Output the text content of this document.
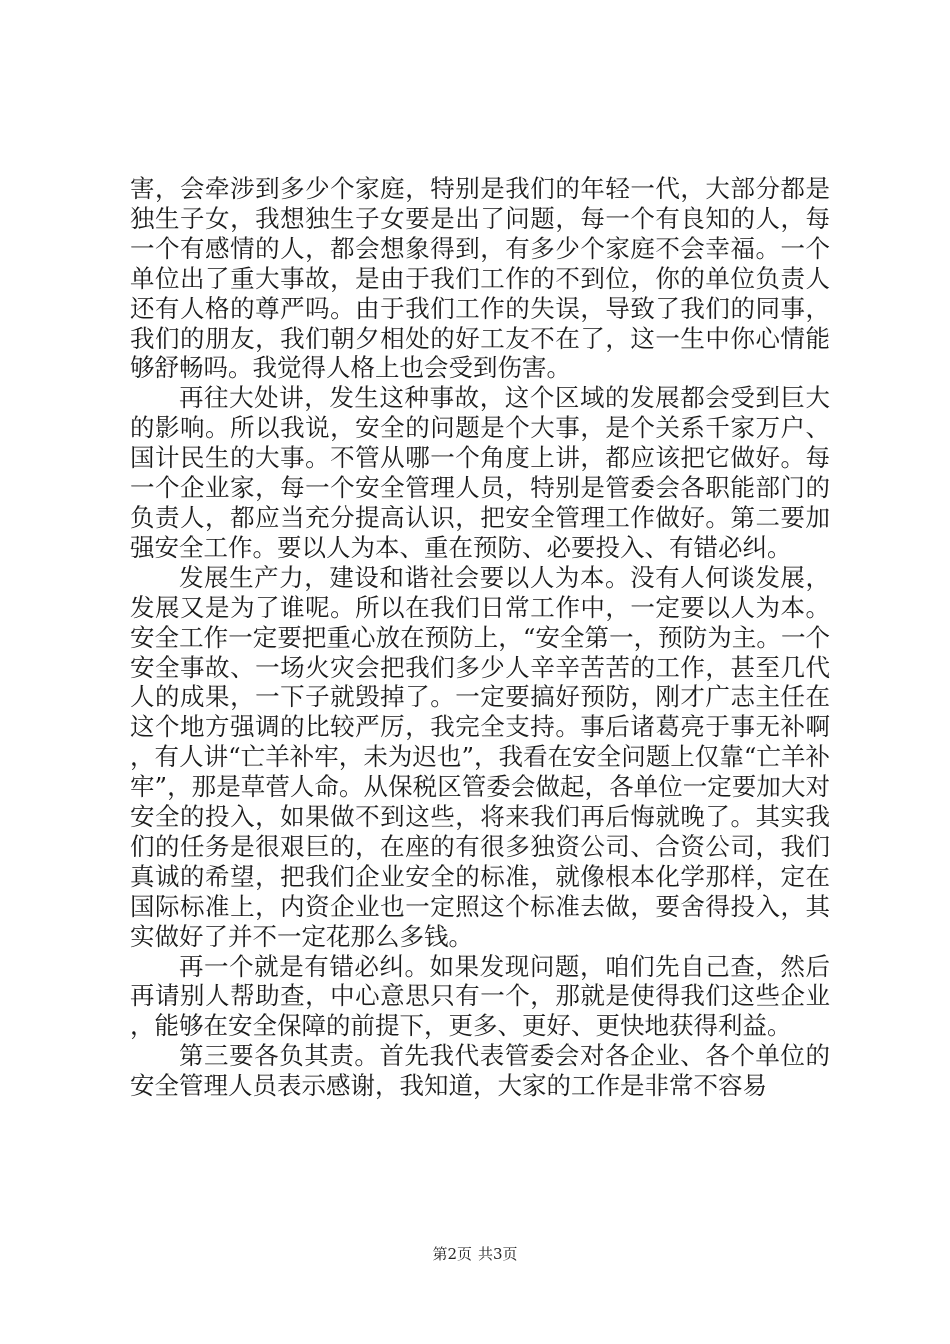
害，会牵涉到多少个家庭，特别是我们的年轻一代，大部分都是独生子女，我想独生子女要是出了问题，每一个有良知的人，每一个有感情的人，都会想象得到，有多少个家庭不会幸福。一个单位出了重大事故，是由于我们工作的不到位，你的单位负责人还有人格的尊严吗。由于我们工作的失误，导致了我们的同事，我们的朋友，我们朝夕相处的好工友不在了，这一生中你心情能够舒畅吗。我觉得人格上也会受到伤害。

再往大处讲，发生这种事故，这个区域的发展都会受到巨大的影响。所以我说，安全的问题是个大事，是个关系千家万户、国计民生的大事。不管从哪一个角度上讲，都应该把它做好。每一个企业家，每一个安全管理人员，特别是管委会各职能部门的负责人，都应当充分提高认识，把安全管理工作做好。第二要加强安全工作。要以人为本、重在预防、必要投入、有错必纠。

发展生产力，建设和谐社会要以人为本。没有人何谈发展，发展又是为了谁呢。所以在我们日常工作中，一定要以人为本。安全工作一定要把重心放在预防上，“安全第一，预防为主。一个安全事故、一场火灾会把我们多少人辛辛苦苦的工作，甚至几代人的成果，一下子就毁掉了。一定要搞好预防，刚才广志主任在这个地方强调的比较严厉，我完全支持。事后诸葛亮于事无补啊，有人讲“亡羊补牢，未为迟也”，我看在安全问题上仅靠“亡羊补牢”，那是草菅人命。从保税区管委会做起，各单位一定要加大对安全的投入，如果做不到这些，将来我们再后悔就晚了。其实我们的任务是很艰巨的，在座的有很多独资公司、合资公司，我们真诚的希望，把我们企业安全的标准，就像根本化学那样，定在国际标准上，内资企业也一定照这个标准去做，要舍得投入，其实做好了并不一定花那么多钱。

再一个就是有错必纠。如果发现问题，咱们先自己查，然后再请别人帮助查，中心意思只有一个，那就是使得我们这些企业，能够在安全保障的前提下，更多、更好、更快地获得利益。

第三要各负其责。首先我代表管委会对各企业、各个单位的安全管理人员表示感谢，我知道，大家的工作是非常不容易

第2页 共3页
